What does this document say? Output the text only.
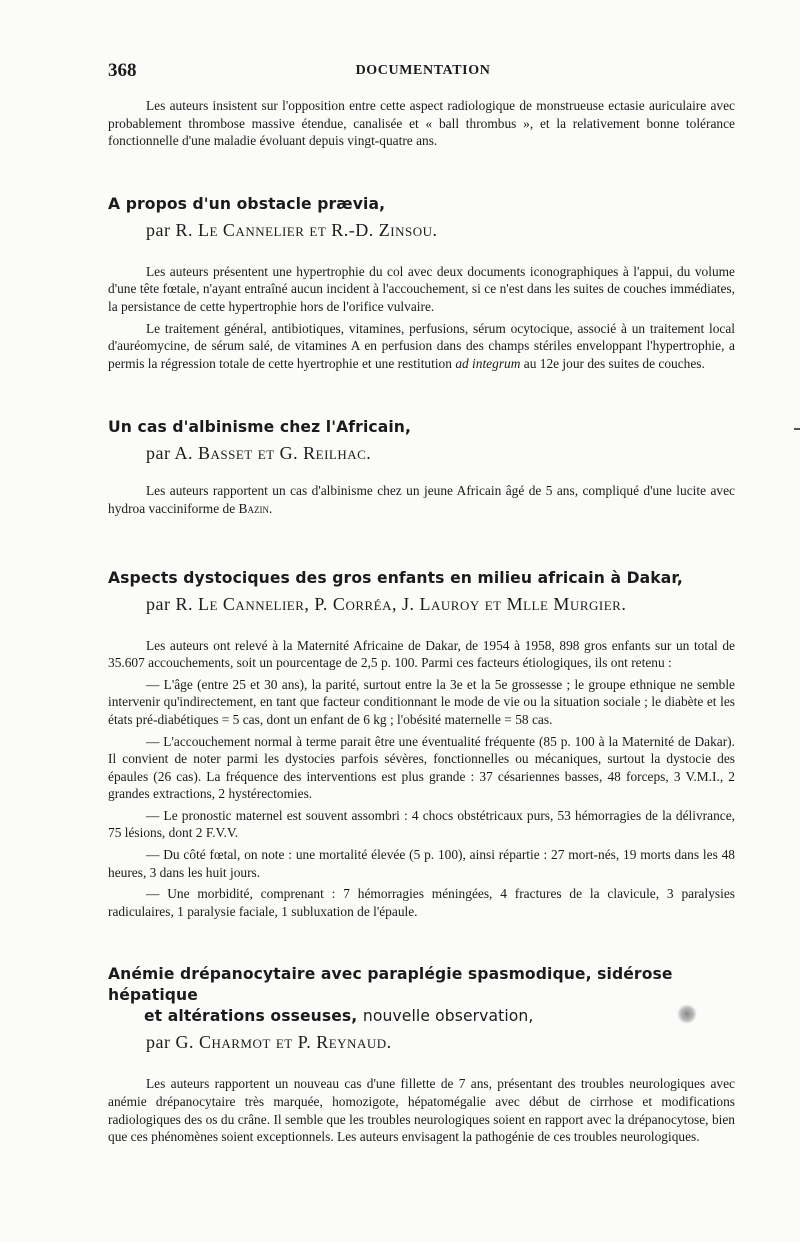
368	DOCUMENTATION

Les auteurs insistent sur l'opposition entre cette aspect radiologique de monstrueuse ectasie auriculaire avec probablement thrombose massive étendue, canalisée et « ball thrombus », et la relativement bonne tolérance fonctionnelle d'une maladie évoluant depuis vingt-quatre ans.

A propos d'un obstacle prævia,
par R. Le Cannelier et R.-D. Zinsou.

Les auteurs présentent une hypertrophie du col avec deux documents iconographiques à l'appui, du volume d'une tête fœtale, n'ayant entraîné aucun incident à l'accouchement, si ce n'est dans les suites de couches immédiates, la persistance de cette hypertrophie hors de l'orifice vulvaire.

Le traitement général, antibiotiques, vitamines, perfusions, sérum ocytocique, associé à un traitement local d'auréomycine, de sérum salé, de vitamines A en perfusion dans des champs stériles enveloppant l'hypertrophie, a permis la régression totale de cette hyertrophie et une restitution ad integrum au 12e jour des suites de couches.

Un cas d'albinisme chez l'Africain,
par A. Basset et G. Reilhac.

Les auteurs rapportent un cas d'albinisme chez un jeune Africain âgé de 5 ans, compliqué d'une lucite avec hydroa vacciniforme de Bazin.

Aspects dystociques des gros enfants en milieu africain à Dakar,
par R. Le Cannelier, P. Corréa, J. Lauroy et Mlle Murgier.

Les auteurs ont relevé à la Maternité Africaine de Dakar, de 1954 à 1958, 898 gros enfants sur un total de 35.607 accouchements, soit un pourcentage de 2,5 p. 100. Parmi ces facteurs étiologiques, ils ont retenu :

— L'âge (entre 25 et 30 ans), la parité, surtout entre la 3e et la 5e grossesse ; le groupe ethnique ne semble intervenir qu'indirectement, en tant que facteur conditionnant le mode de vie ou la situation sociale ; le diabète et les états pré-diabétiques = 5 cas, dont un enfant de 6 kg ; l'obésité maternelle = 58 cas.

— L'accouchement normal à terme parait être une éventualité fréquente (85 p. 100 à la Maternité de Dakar). Il convient de noter parmi les dystocies parfois sévères, fonctionnelles ou mécaniques, surtout la dystocie des épaules (26 cas). La fréquence des interventions est plus grande : 37 césariennes basses, 48 forceps, 3 V.M.I., 2 grandes extractions, 2 hystérectomies.

— Le pronostic maternel est souvent assombri : 4 chocs obstétricaux purs, 53 hémorragies de la délivrance, 75 lésions, dont 2 F.V.V.

— Du côté fœtal, on note : une mortalité élevée (5 p. 100), ainsi répartie : 27 mort-nés, 19 morts dans les 48 heures, 3 dans les huit jours.

— Une morbidité, comprenant : 7 hémorragies méningées, 4 fractures de la clavicule, 3 paralysies radiculaires, 1 paralysie faciale, 1 subluxation de l'épaule.

Anémie drépanocytaire avec paraplégie spasmodique, sidérose hépatique
et altérations osseuses, nouvelle observation,
par G. Charmot et P. Reynaud.

Les auteurs rapportent un nouveau cas d'une fillette de 7 ans, présentant des troubles neurologiques avec anémie drépanocytaire très marquée, homozigote, hépatomégalie avec début de cirrhose et modifications radiologiques des os du crâne. Il semble que les troubles neurologiques soient en rapport avec la drépanocytose, bien que ces phénomènes soient exceptionnels. Les auteurs envisagent la pathogénie de ces troubles neurologiques.
